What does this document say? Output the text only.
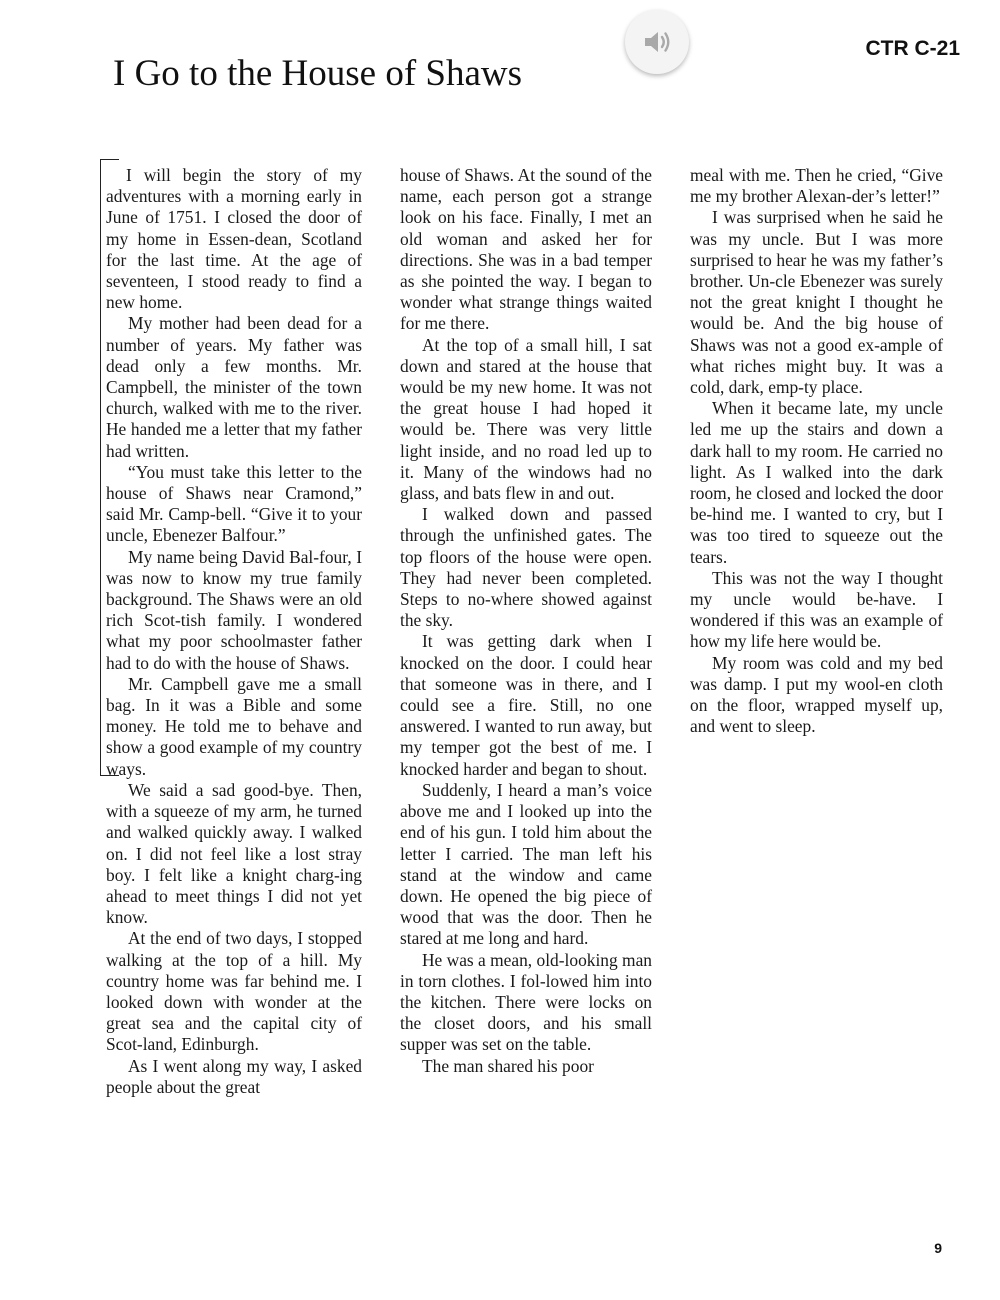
I Go to the House of Shaws
CTR C-21

I will begin the story of my adventures with a morning early in June of 1751. I closed the door of my home in Essen-dean, Scotland for the last time. At the age of seventeen, I stood ready to find a new home.

My mother had been dead for a number of years. My father was dead only a few months. Mr. Campbell, the minister of the town church, walked with me to the river. He handed me a letter that my father had written.

“You must take this letter to the house of Shaws near Cramond,” said Mr. Camp-bell. “Give it to your uncle, Ebenezer Balfour.”

My name being David Bal-four, I was now to know my true family background. The Shaws were an old rich Scot-tish family. I wondered what my poor schoolmaster father had to do with the house of Shaws.

Mr. Campbell gave me a small bag. In it was a Bible and some money. He told me to behave and show a good example of my country ways.

We said a sad good-bye. Then, with a squeeze of my arm, he turned and walked quickly away. I walked on. I did not feel like a lost stray boy. I felt like a knight charg-ing ahead to meet things I did not yet know.

At the end of two days, I stopped walking at the top of a hill. My country home was far behind me. I looked down with wonder at the great sea and the capital city of Scot-land, Edinburgh.

As I went along my way, I asked people about the great

house of Shaws. At the sound of the name, each person got a strange look on his face. Finally, I met an old woman and asked her for directions. She was in a bad temper as she pointed the way. I began to wonder what strange things waited for me there.

At the top of a small hill, I sat down and stared at the house that would be my new home. It was not the great house I had hoped it would be. There was very little light inside, and no road led up to it. Many of the windows had no glass, and bats flew in and out.

I walked down and passed through the unfinished gates. The top floors of the house were open. They had never been completed. Steps to no-where showed against the sky.

It was getting dark when I knocked on the door. I could hear that someone was in there, and I could see a fire. Still, no one answered. I wanted to run away, but my temper got the best of me. I knocked harder and began to shout.

Suddenly, I heard a man’s voice above me and I looked up into the end of his gun. I told him about the letter I carried. The man left his stand at the window and came down. He opened the big piece of wood that was the door. Then he stared at me long and hard.

He was a mean, old-looking man in torn clothes. I fol-lowed him into the kitchen. There were locks on the closet doors, and his small supper was set on the table.

The man shared his poor

meal with me. Then he cried, “Give me my brother Alexan-der’s letter!”

I was surprised when he said he was my uncle. But I was more surprised to hear he was my father’s brother. Un-cle Ebenezer was surely not the great knight I thought he would be. And the big house of Shaws was not a good ex-ample of what riches might buy. It was a cold, dark, emp-ty place.

When it became late, my uncle led me up the stairs and down a dark hall to my room. He carried no light. As I walked into the dark room, he closed and locked the door be-hind me. I wanted to cry, but I was too tired to squeeze out the tears.

This was not the way I thought my uncle would be-have. I wondered if this was an example of how my life here would be.

My room was cold and my bed was damp. I put my wool-en cloth on the floor, wrapped myself up, and went to sleep.

9
